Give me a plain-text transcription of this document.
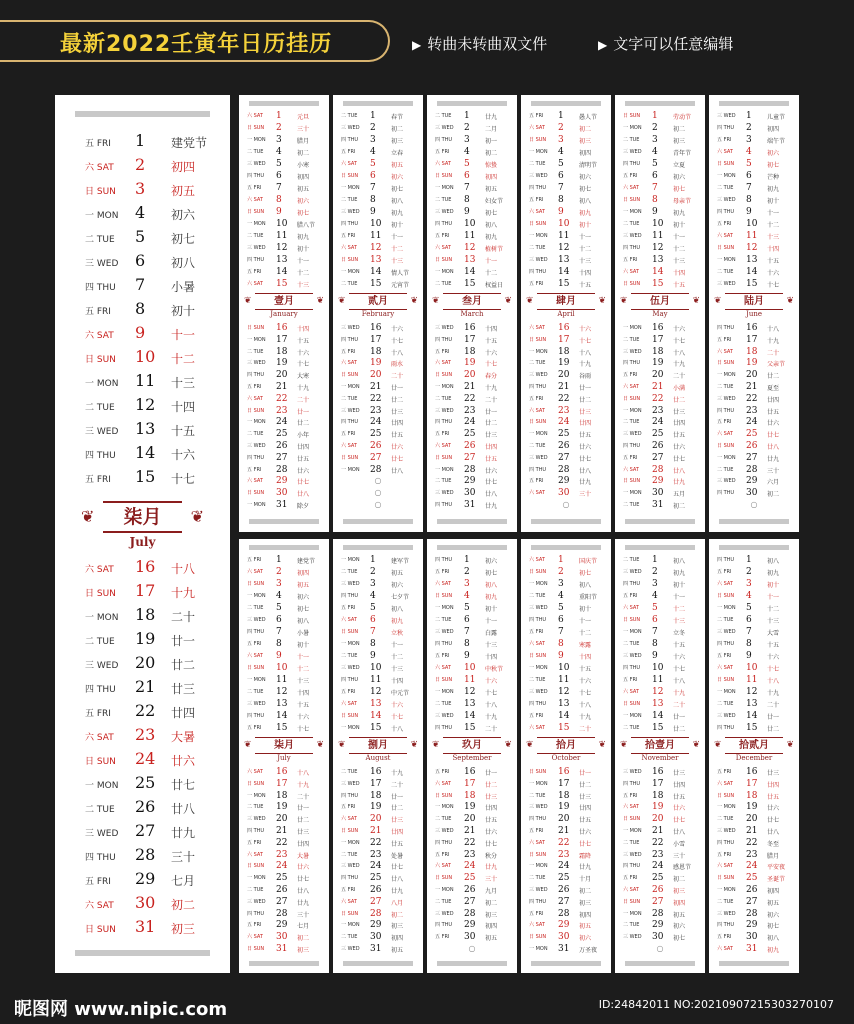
最新2022壬寅年日历挂历	▶ 转曲未转曲双文件	▶ 文字可以任意编辑
五 FRI 1 建党节
六 SAT 2 初四
日 SUN 3 初五
一 MON 4 初六
二 TUE 5 初七
三 WED 6 初八
四 THU 7 小暑
五 FRI 8 初十
六 SAT 9 十一
日 SUN 10 十二
一 MON 11 十三
二 TUE 12 十四
三 WED 13 十五
四 THU 14 十六
五 FRI 15 十七
❦	❦
柒月
July
六 SAT 16 十八
日 SUN 17 十九
一 MON 18 二十
二 TUE 19 廿一
三 WED 20 廿二
四 THU 21 廿三
五 FRI 22 廿四
六 SAT 23 大暑
日 SUN 24 廿六
一 MON 25 廿七
二 TUE 26 廿八
三 WED 27 廿九
四 THU 28 三十
五 FRI 29 七月
六 SAT 30 初二
日 SUN 31 初三
六 SAT 1	元旦
日 SUN 2	三十
一 MON 3	腊月
二 TUE 4	初二
三 WED 5	小寒
四 THU 6	初四
五 FRI 7	初五
六 SAT 8	初六
日 SUN 9	初七
一 MON 10 腊八节
二 TUE 11 初九
三 WED 12 初十
四 THU 13 十一
五 FRI 14 十二
六 SAT 15 十三
❦	❦
壹月
January
日 SUN 16 十四
一 MON 17 十五
二 TUE 18 十六
三 WED 19 十七
四 THU 20 大寒
五 FRI 21 十九
六 SAT 22 二十
日 SUN 23 廿一
一 MON 24 廿二
二 TUE 25 小年
三 WED 26 廿四
四 THU 27 廿五
五 FRI 28 廿六
六 SAT 29 廿七
日 SUN 30 廿八
一 MON 31 除夕
二 TUE 1	春节
三 WED 2	初二
四 THU 3	初三
五 FRI 4	立春
六 SAT 5	初五
日 SUN 6	初六
一 MON 7	初七
二 TUE 8	初八
三 WED 9	初九
四 THU 10 初十
五 FRI 11 十一
六 SAT 12 十二
日 SUN 13 十三
一 MON 14 情人节
二 TUE 15 元宵节
❦	❦
贰月
February
三 WED 16 十六
四 THU 17 十七
五 FRI 18 十八
六 SAT 19 雨水
日 SUN 20 二十
一 MON 21 廿一
二 TUE 22 廿二
三 WED 23 廿三
四 THU 24 廿四
五 FRI 25 廿五
六 SAT 26 廿六
日 SUN 27 廿七
一 MON 28 廿八
○
○
○
二 TUE 1	廿九
三 WED 2	二月
四 THU 3	初一
五 FRI 4	初二
六 SAT 5	惊蛰
日 SUN 6	初四
一 MON 7	初五
二 TUE 8	妇女节
三 WED 9	初七
四 THU 10 初八
五 FRI 11 初九
六 SAT 12 植树节
日 SUN 13 十一
一 MON 14 十二
二 TUE 15 权益日
❦	❦
叁月
March
三 WED 16 十四
四 THU 17 十五
五 FRI 18 十六
六 SAT 19 十七
日 SUN 20 春分
一 MON 21 十九
二 TUE 22 二十
三 WED 23 廿一
四 THU 24 廿二
五 FRI 25 廿三
六 SAT 26 廿四
日 SUN 27 廿五
一 MON 28 廿六
二 TUE 29 廿七
三 WED 30 廿八
四 THU 31 廿九
五 FRI 1	愚人节
六 SAT 2	初二
日 SUN 3	初三
一 MON 4	初四
二 TUE 5	清明节
三 WED 6	初六
四 THU 7	初七
五 FRI 8	初八
六 SAT 9	初九
日 SUN 10 初十
一 MON 11 十一
二 TUE 12 十二
三 WED 13 十三
四 THU 14 十四
五 FRI 15 十五
❦	❦
肆月
April
六 SAT 16 十六
日 SUN 17 十七
一 MON 18 十八
二 TUE 19 十九
三 WED 20 谷雨
四 THU 21 廿一
五 FRI 22 廿二
六 SAT 23 廿三
日 SUN 24 廿四
一 MON 25 廿五
二 TUE 26 廿六
三 WED 27 廿七
四 THU 28 廿八
五 FRI 29 廿九
六 SAT 30 三十
○
日 SUN 1	劳动节
一 MON 2	初二
二 TUE 3	初三
三 WED 4	青年节
四 THU 5	立夏
五 FRI 6	初六
六 SAT 7	初七
日 SUN 8	母亲节
一 MON 9	初九
二 TUE 10 初十
三 WED 11 十一
四 THU 12 十二
五 FRI 13 十三
六 SAT 14 十四
日 SUN 15 十五
❦	❦
伍月
May
一 MON 16 十六
二 TUE 17 十七
三 WED 18 十八
四 THU 19 十九
五 FRI 20 二十
六 SAT 21 小满
日 SUN 22 廿二
一 MON 23 廿三
二 TUE 24 廿四
三 WED 25 廿五
四 THU 26 廿六
五 FRI 27 廿七
六 SAT 28 廿八
日 SUN 29 廿九
一 MON 30 五月
二 TUE 31 初二
三 WED 1	儿童节
四 THU 2	初四
五 FRI 3	端午节
六 SAT 4	初六
日 SUN 5	初七
一 MON 6	芒种
二 TUE 7	初九
三 WED 8	初十
四 THU 9	十一
五 FRI 10 十二
六 SAT 11 十三
日 SUN 12 十四
一 MON 13 十五
二 TUE 14 十六
三 WED 15 十七
❦	❦
陆月
June
四 THU 16 十八
五 FRI 17 十九
六 SAT 18 二十
日 SUN 19 父亲节
一 MON 20 廿二
二 TUE 21 夏至
三 WED 22 廿四
四 THU 23 廿五
五 FRI 24 廿六
六 SAT 25 廿七
日 SUN 26 廿八
一 MON 27 廿九
二 TUE 28 三十
三 WED 29 六月
四 THU 30 初二
○
五 FRI 1	建党节
六 SAT 2	初四
日 SUN 3	初五
一 MON 4	初六
二 TUE 5	初七
三 WED 6	初八
四 THU 7	小暑
五 FRI 8	初十
六 SAT 9	十一
日 SUN 10 十二
一 MON 11 十三
二 TUE 12 十四
三 WED 13 十五
四 THU 14 十六
五 FRI 15 十七
❦	❦
柒月
July
六 SAT 16 十八
日 SUN 17 十九
一 MON 18 二十
二 TUE 19 廿一
三 WED 20 廿二
四 THU 21 廿三
五 FRI 22 廿四
六 SAT 23 大暑
日 SUN 24 廿六
一 MON 25 廿七
二 TUE 26 廿八
三 WED 27 廿九
四 THU 28 三十
五 FRI 29 七月
六 SAT 30 初二
日 SUN 31 初三
一 MON 1	建军节
二 TUE 2	初五
三 WED 3	初六
四 THU 4	七夕节
五 FRI 5	初八
六 SAT 6	初九
日 SUN 7	立秋
一 MON 8	十一
二 TUE 9	十二
三 WED 10 十三
四 THU 11 十四
五 FRI 12 中元节
六 SAT 13 十六
日 SUN 14 十七
一 MON 15 十八
❦	❦
捌月
August
二 TUE 16 十九
三 WED 17 二十
四 THU 18 廿一
五 FRI 19 廿二
六 SAT 20 廿三
日 SUN 21 廿四
一 MON 22 廿五
二 TUE 23 处暑
三 WED 24 廿七
四 THU 25 廿八
五 FRI 26 廿九
六 SAT 27 八月
日 SUN 28 初二
一 MON 29 初三
二 TUE 30 初四
三 WED 31 初五
四 THU 1	初六
五 FRI 2	初七
六 SAT 3	初八
日 SUN 4	初九
一 MON 5	初十
二 TUE 6	十一
三 WED 7	白露
四 THU 8	十三
五 FRI 9	十四
六 SAT 10 中秋节
日 SUN 11 十六
一 MON 12 十七
二 TUE 13 十八
三 WED 14 十九
四 THU 15 二十
❦	❦
玖月
September
五 FRI 16 廿一
六 SAT 17 廿二
日 SUN 18 廿三
一 MON 19 廿四
二 TUE 20 廿五
三 WED 21 廿六
四 THU 22 廿七
五 FRI 23 秋分
六 SAT 24 廿九
日 SUN 25 三十
一 MON 26 九月
二 TUE 27 初二
三 WED 28 初三
四 THU 29 初四
五 FRI 30 初五
○
六 SAT 1	国庆节
日 SUN 2	初七
一 MON 3	初八
二 TUE 4	重阳节
三 WED 5	初十
四 THU 6	十一
五 FRI 7	十二
六 SAT 8	寒露
日 SUN 9	十四
一 MON 10 十五
二 TUE 11 十六
三 WED 12 十七
四 THU 13 十八
五 FRI 14 十九
六 SAT 15 二十
❦	❦
拾月
October
日 SUN 16 廿一
一 MON 17 廿二
二 TUE 18 廿三
三 WED 19 廿四
四 THU 20 廿五
五 FRI 21 廿六
六 SAT 22 廿七
日 SUN 23 霜降
一 MON 24 廿九
二 TUE 25 十月
三 WED 26 初二
四 THU 27 初三
五 FRI 28 初四
六 SAT 29 初五
日 SUN 30 初六
一 MON 31 万圣夜
二 TUE 1	初八
三 WED 2	初九
四 THU 3	初十
五 FRI 4	十一
六 SAT 5	十二
日 SUN 6	十三
一 MON 7	立冬
二 TUE 8	十五
三 WED 9	十六
四 THU 10 十七
五 FRI 11 十八
六 SAT 12 十九
日 SUN 13 二十
一 MON 14 廿一
二 TUE 15 廿二
❦	❦
拾壹月
November
三 WED 16 廿三
四 THU 17 廿四
五 FRI 18 廿五
六 SAT 19 廿六
日 SUN 20 廿七
一 MON 21 廿八
二 TUE 22 小雪
三 WED 23 三十
四 THU 24 感恩节
五 FRI 25 初二
六 SAT 26 初三
日 SUN 27 初四
一 MON 28 初五
二 TUE 29 初六
三 WED 30 初七
○
四 THU 1	初八
五 FRI 2	初九
六 SAT 3	初十
日 SUN 4	十一
一 MON 5	十二
二 TUE 6	十三
三 WED 7	大雪
四 THU 8	十五
五 FRI 9	十六
六 SAT 10 十七
日 SUN 11 十八
一 MON 12 十九
二 TUE 13 二十
三 WED 14 廿一
四 THU 15 廿二
❦	❦
拾贰月
December
五 FRI 16 廿三
六 SAT 17 廿四
日 SUN 18 廿五
一 MON 19 廿六
二 TUE 20 廿七
三 WED 21 廿八
四 THU 22 冬至
五 FRI 23 腊月
六 SAT 24 平安夜
日 SUN 25 圣诞节
一 MON 26 初四
二 TUE 27 初五
三 WED 28 初六
四 THU 29 初七
五 FRI 30 初八
六 SAT 31 初九
昵图网 www.nipic.com	ID:24842011 NO:20210907215303270107
